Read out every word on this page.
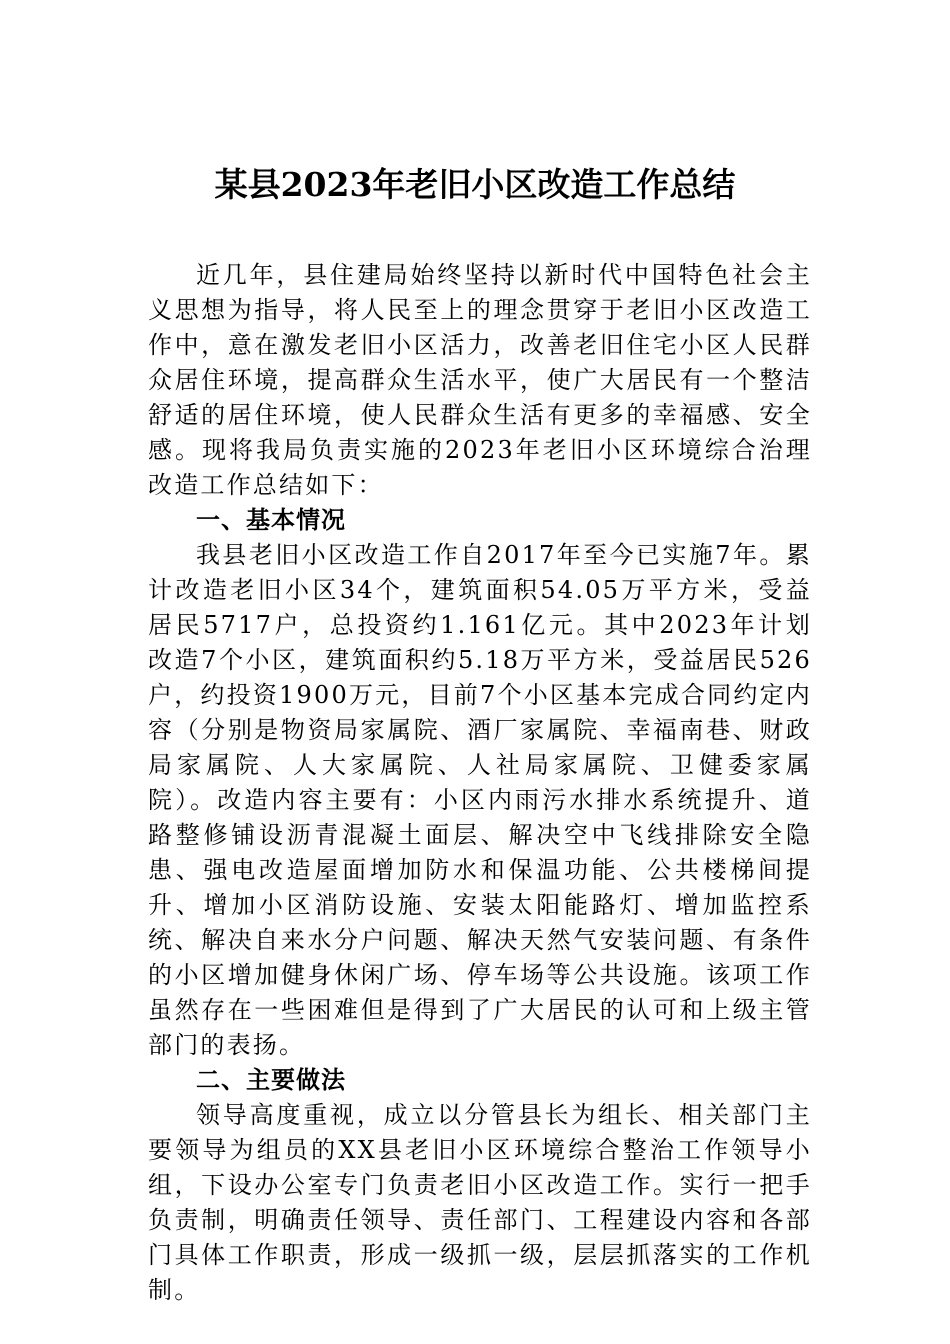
某县2023年老旧小区改造工作总结

近几年，县住建局始终坚持以新时代中国特色社会主义思想为指导，将人民至上的理念贯穿于老旧小区改造工作中，意在激发老旧小区活力，改善老旧住宅小区人民群众居住环境，提高群众生活水平，使广大居民有一个整洁舒适的居住环境，使人民群众生活有更多的幸福感、安全感。现将我局负责实施的2023年老旧小区环境综合治理改造工作总结如下：

一、基本情况

我县老旧小区改造工作自2017年至今已实施7年。累计改造老旧小区34个，建筑面积54.05万平方米，受益居民5717户，总投资约1.161亿元。其中2023年计划改造7个小区，建筑面积约5.18万平方米，受益居民526户，约投资1900万元，目前7个小区基本完成合同约定内容（分别是物资局家属院、酒厂家属院、幸福南巷、财政局家属院、人大家属院、人社局家属院、卫健委家属院）。改造内容主要有：小区内雨污水排水系统提升、道路整修铺设沥青混凝土面层、解决空中飞线排除安全隐患、强电改造屋面增加防水和保温功能、公共楼梯间提升、增加小区消防设施、安装太阳能路灯、增加监控系统、解决自来水分户问题、解决天然气安装问题、有条件的小区增加健身休闲广场、停车场等公共设施。该项工作虽然存在一些困难但是得到了广大居民的认可和上级主管部门的表扬。

二、主要做法

领导高度重视，成立以分管县长为组长、相关部门主要领导为组员的XX县老旧小区环境综合整治工作领导小组，下设办公室专门负责老旧小区改造工作。实行一把手负责制，明确责任领导、责任部门、工程建设内容和各部门具体工作职责，形成一级抓一级，层层抓落实的工作机制。
